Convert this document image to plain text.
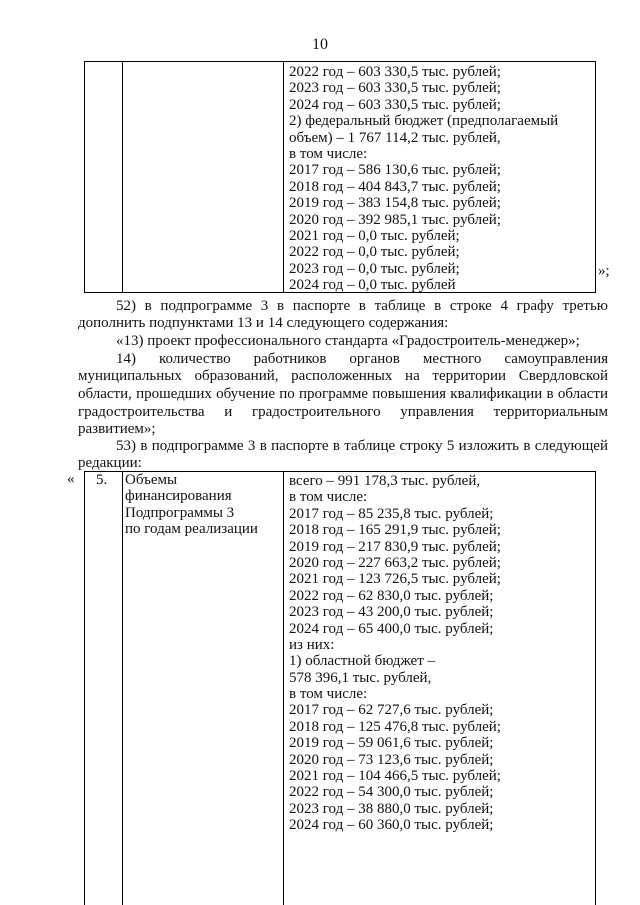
10
2022 год – 603 330,5 тыс. рублей;
2023 год – 603 330,5 тыс. рублей;
2024 год – 603 330,5 тыс. рублей;
2) федеральный бюджет (предполагаемый
объем) – 1 767 114,2 тыс. рублей,
в том числе:
2017 год – 586 130,6 тыс. рублей;
2018 год – 404 843,7 тыс. рублей;
2019 год – 383 154,8 тыс. рублей;
2020 год – 392 985,1 тыс. рублей;
2021 год – 0,0 тыс. рублей;
2022 год – 0,0 тыс. рублей;
2023 год – 0,0 тыс. рублей;
2024 год – 0,0 тыс. рублей
»;
52) в подпрограмме 3 в паспорте в таблице в строке 4 графу третью
дополнить подпунктами 13 и 14 следующего содержания:
«13) проект профессионального стандарта «Градостроитель-менеджер»;
14) количество работников органов местного самоуправления
муниципальных образований, расположенных на территории Свердловской
области, прошедших обучение по программе повышения квалификации в области
градостроительства и градостроительного управления территориальным
развитием»;
53) в подпрограмме 3 в паспорте в таблице строку 5 изложить в следующей
редакции:
«	всего – 991 178,3 тыс. рублей,
в том числе:
2017 год – 85 235,8 тыс. рублей;
2018 год – 165 291,9 тыс. рублей;
2019 год – 217 830,9 тыс. рублей;
2020 год – 227 663,2 тыс. рублей;
2021 год – 123 726,5 тыс. рублей;
2022 год – 62 830,0 тыс. рублей;
2023 год – 43 200,0 тыс. рублей;
2024 год – 65 400,0 тыс. рублей;
из них:
1) областной бюджет –
578 396,1 тыс. рублей,
в том числе:
2017 год – 62 727,6 тыс. рублей;
2018 год – 125 476,8 тыс. рублей;
2019 год – 59 061,6 тыс. рублей;
2020 год – 73 123,6 тыс. рублей;
2021 год – 104 466,5 тыс. рублей;
2022 год – 54 300,0 тыс. рублей;
2023 год – 38 880,0 тыс. рублей;
2024 год – 60 360,0 тыс. рублей;
5. Объемы
финансирования
Подпрограммы 3
по годам реализации
